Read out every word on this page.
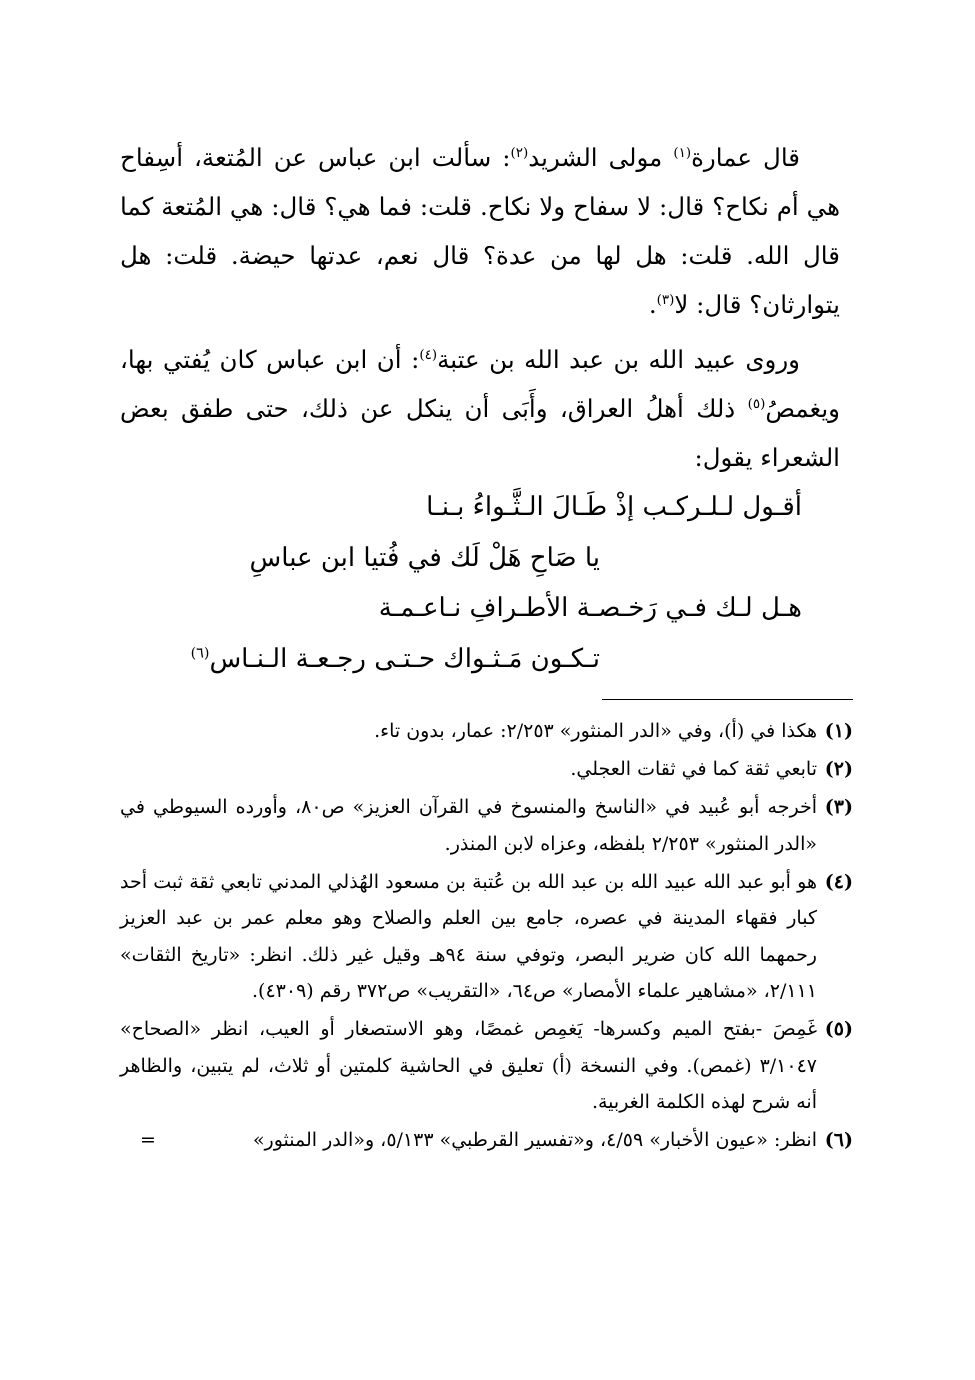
قال عمارة$^{(١)}$ مولى الشريد$^{(٢)}$: سألت ابن عباس عن المُتعة، أسِفاح هي أم نكاح؟ قال: لا سفاح ولا نكاح. قلت: فما هي؟ قال: هي المُتعة كما قال الله. قلت: هل لها من عدة؟ قال نعم، عدتها حيضة. قلت: هل يتوارثان؟ قال: لا$^{(٣)}$.

وروى عبيد الله بن عبد الله بن عتبة$^{(٤)}$: أن ابن عباس كان يُفتي بها، ويغمصُ$^{(٥)}$ ذلك أهلُ العراق، وأَبَى أن ينكل عن ذلك، حتى طفق بعض الشعراء يقول:

أقـول لـلـركـب إذْ طَـالَ الـثَّـواءُ بـنـا
يا صَاحِ هَلْ لَك في فُتيا ابن عباسِ
هـل لـك فـي رَخـصـة الأطـرافِ نـاعـمـة
تـكـون مَـثـواك حـتـى رجـعـة الـنـاس$^{(٦)}$
(١)
هكذا في (أ)، وفي «الدر المنثور» ٢/٢٥٣: عمار، بدون تاء.
(٢)
تابعي ثقة كما في ثقات العجلي.
(٣)
أخرجه أبو عُبيد في «الناسخ والمنسوخ في القرآن العزيز» ص٨٠، وأورده السيوطي في «الدر المنثور» ٢/٢٥٣ بلفظه، وعزاه لابن المنذر.
(٤)
هو أبو عبد الله عبيد الله بن عبد الله بن عُتبة بن مسعود الهُذلي المدني تابعي ثقة ثبت أحد كبار فقهاء المدينة في عصره، جامع بين العلم والصلاح وهو معلم عمر بن عبد العزيز رحمهما الله كان ضرير البصر، وتوفي سنة ٩٤هـ وقيل غير ذلك. انظر: «تاريخ الثقات» ٢/١١١، «مشاهير علماء الأمصار» ص٦٤، «التقريب» ص٣٧٢ رقم (٤٣٠٩).
(٥)
غَمِصَ -بفتح الميم وكسرها- يَغمِص غمصًا، وهو الاستصغار أو العيب، انظر «الصحاح» ٣/١٠٤٧ (غمص). وفي النسخة (أ) تعليق في الحاشية كلمتين أو ثلاث، لم يتبين، والظاهر أنه شرح لهذه الكلمة الغربية.
(٦)
انظر: «عيون الأخبار» ٤/٥٩، و«تفسير القرطبي» ٥/١٣٣، و«الدر المنثور»
=
